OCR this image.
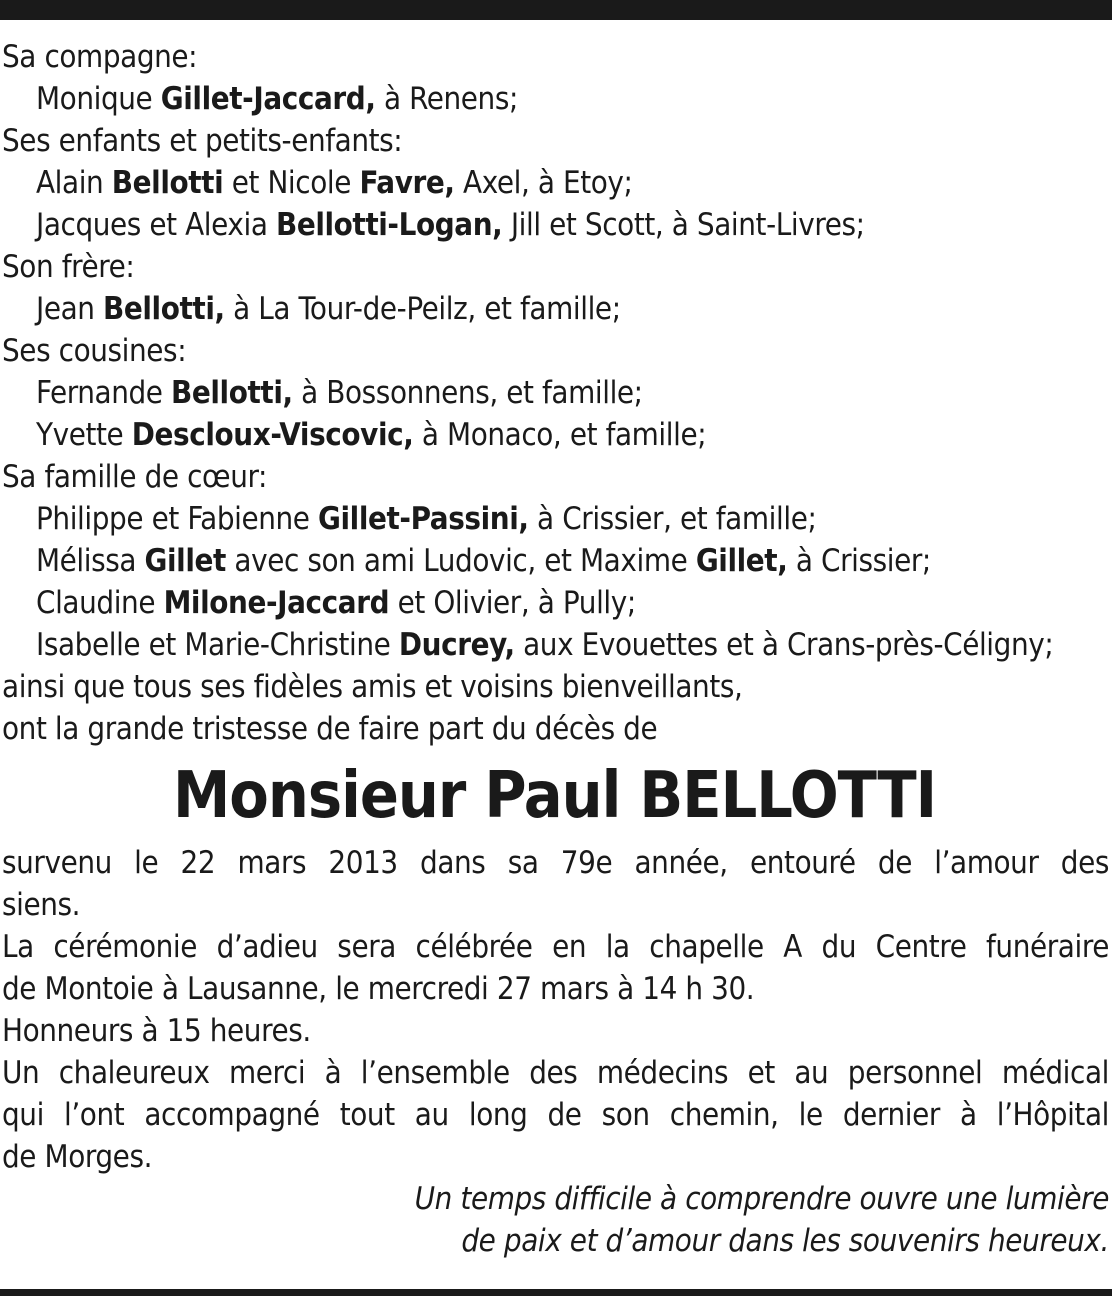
Sa compagne:
Monique Gillet-Jaccard, à Renens;
Ses enfants et petits-enfants:
Alain Bellotti et Nicole Favre, Axel, à Etoy;
Jacques et Alexia Bellotti-Logan, Jill et Scott, à Saint-Livres;
Son frère:
Jean Bellotti, à La Tour-de-Peilz, et famille;
Ses cousines:
Fernande Bellotti, à Bossonnens, et famille;
Yvette Descloux-Viscovic, à Monaco, et famille;
Sa famille de cœur:
Philippe et Fabienne Gillet-Passini, à Crissier, et famille;
Mélissa Gillet avec son ami Ludovic, et Maxime Gillet, à Crissier;
Claudine Milone-Jaccard et Olivier, à Pully;
Isabelle et Marie-Christine Ducrey, aux Evouettes et à Crans-près-Céligny;
ainsi que tous ses fidèles amis et voisins bienveillants,
ont la grande tristesse de faire part du décès de
Monsieur Paul BELLOTTI
survenu le 22 mars 2013 dans sa 79e année, entouré de l’amour des
siens.
La cérémonie d’adieu sera célébrée en la chapelle A du Centre funéraire
de Montoie à Lausanne, le mercredi 27 mars à 14 h 30.
Honneurs à 15 heures.
Un chaleureux merci à l’ensemble des médecins et au personnel médical
qui l’ont accompagné tout au long de son chemin, le dernier à l’Hôpital
de Morges.
Un temps difficile à comprendre ouvre une lumière
de paix et d’amour dans les souvenirs heureux.
